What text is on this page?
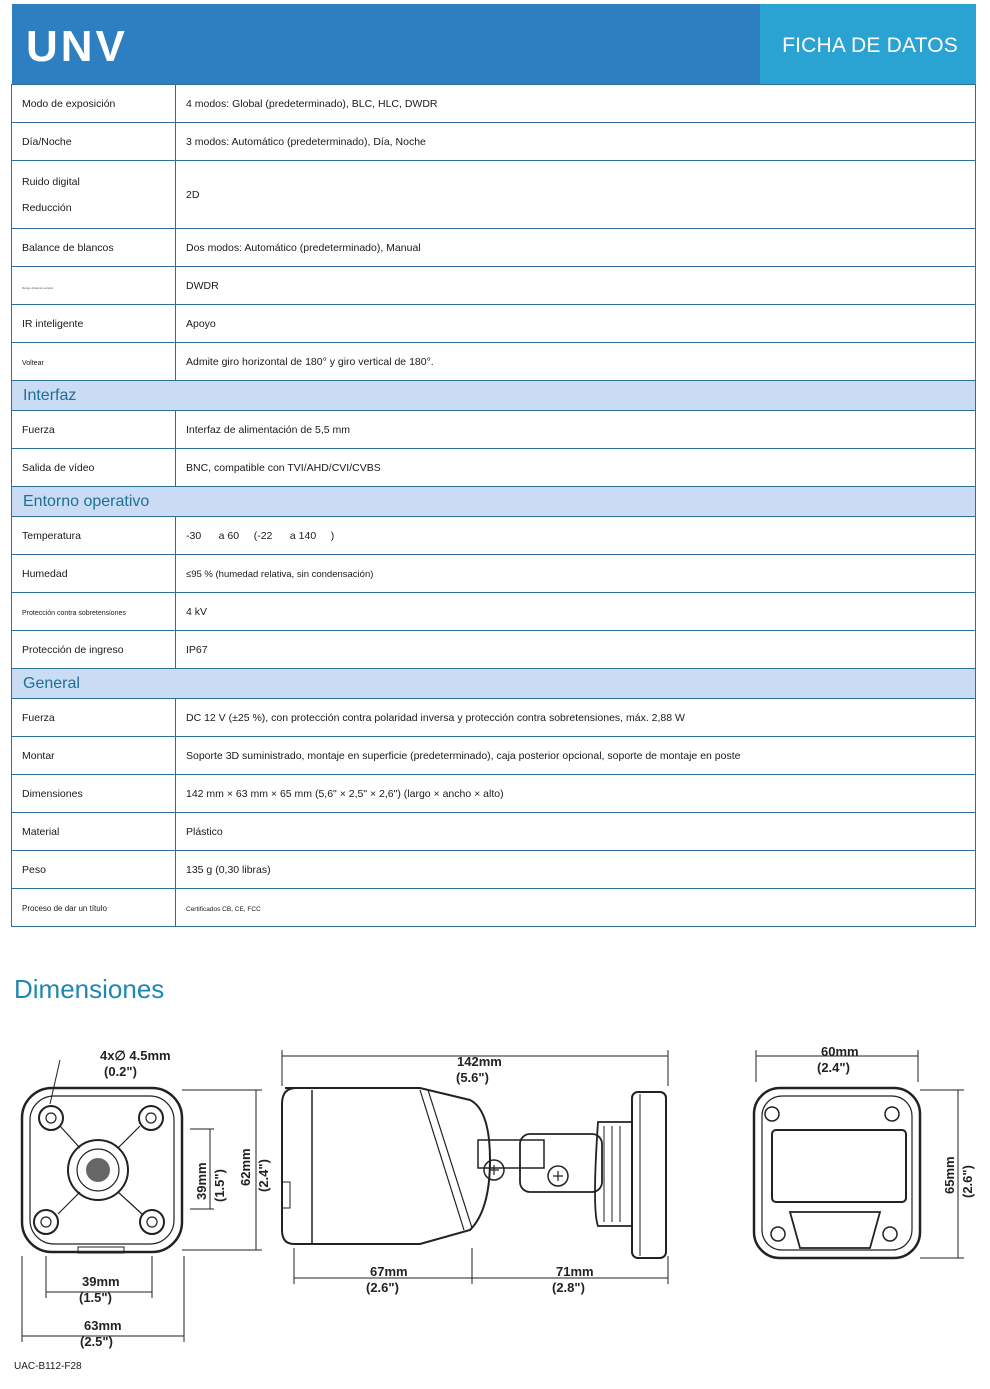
UNV	FICHA DE DATOS
Modo de exposición	4 modos: Global (predeterminado), BLC, HLC, DWDR
Día/Noche	3 modos: Automático (predeterminado), Día, Noche
Ruido digital
Reducción	2D
Balance de blancos	Dos modos: Automático (predeterminado), Manual
Rango dinámico amplio	DWDR
IR inteligente	Apoyo
Voltear	Admite giro horizontal de 180° y giro vertical de 180°.
Interfaz	
Fuerza	Interfaz de alimentación de 5,5 mm
Salida de vídeo	BNC, compatible con TVI/AHD/CVI/CVBS
Entorno operativo	
Temperatura	-30      a 60     (-22      a 140     )
Humedad	≤95 % (humedad relativa, sin condensación)
Protección contra sobretensiones	4 kV
Protección de ingreso	IP67
General	
Fuerza	DC 12 V (±25 %), con protección contra polaridad inversa y protección contra sobretensiones, máx. 2,88 W
Montar	Soporte 3D suministrado, montaje en superficie (predeterminado), caja posterior opcional, soporte de montaje en poste
Dimensiones	142 mm × 63 mm × 65 mm (5,6" × 2,5" × 2,6") (largo × ancho × alto)
Material	Plástico
Peso	135 g (0,30 libras)
Proceso de dar un título	Certificados CB, CE, FCC
Dimensiones
4x∅ 4.5mm
(0.2")
39mm (1.5") 62mm (2.4")
39mm
(1.5")
63mm
(2.5")
142mm
(5.6")
67mm
(2.6")
71mm
(2.8")
60mm
(2.4")
65mm (2.6")
UAC-B112-F28
